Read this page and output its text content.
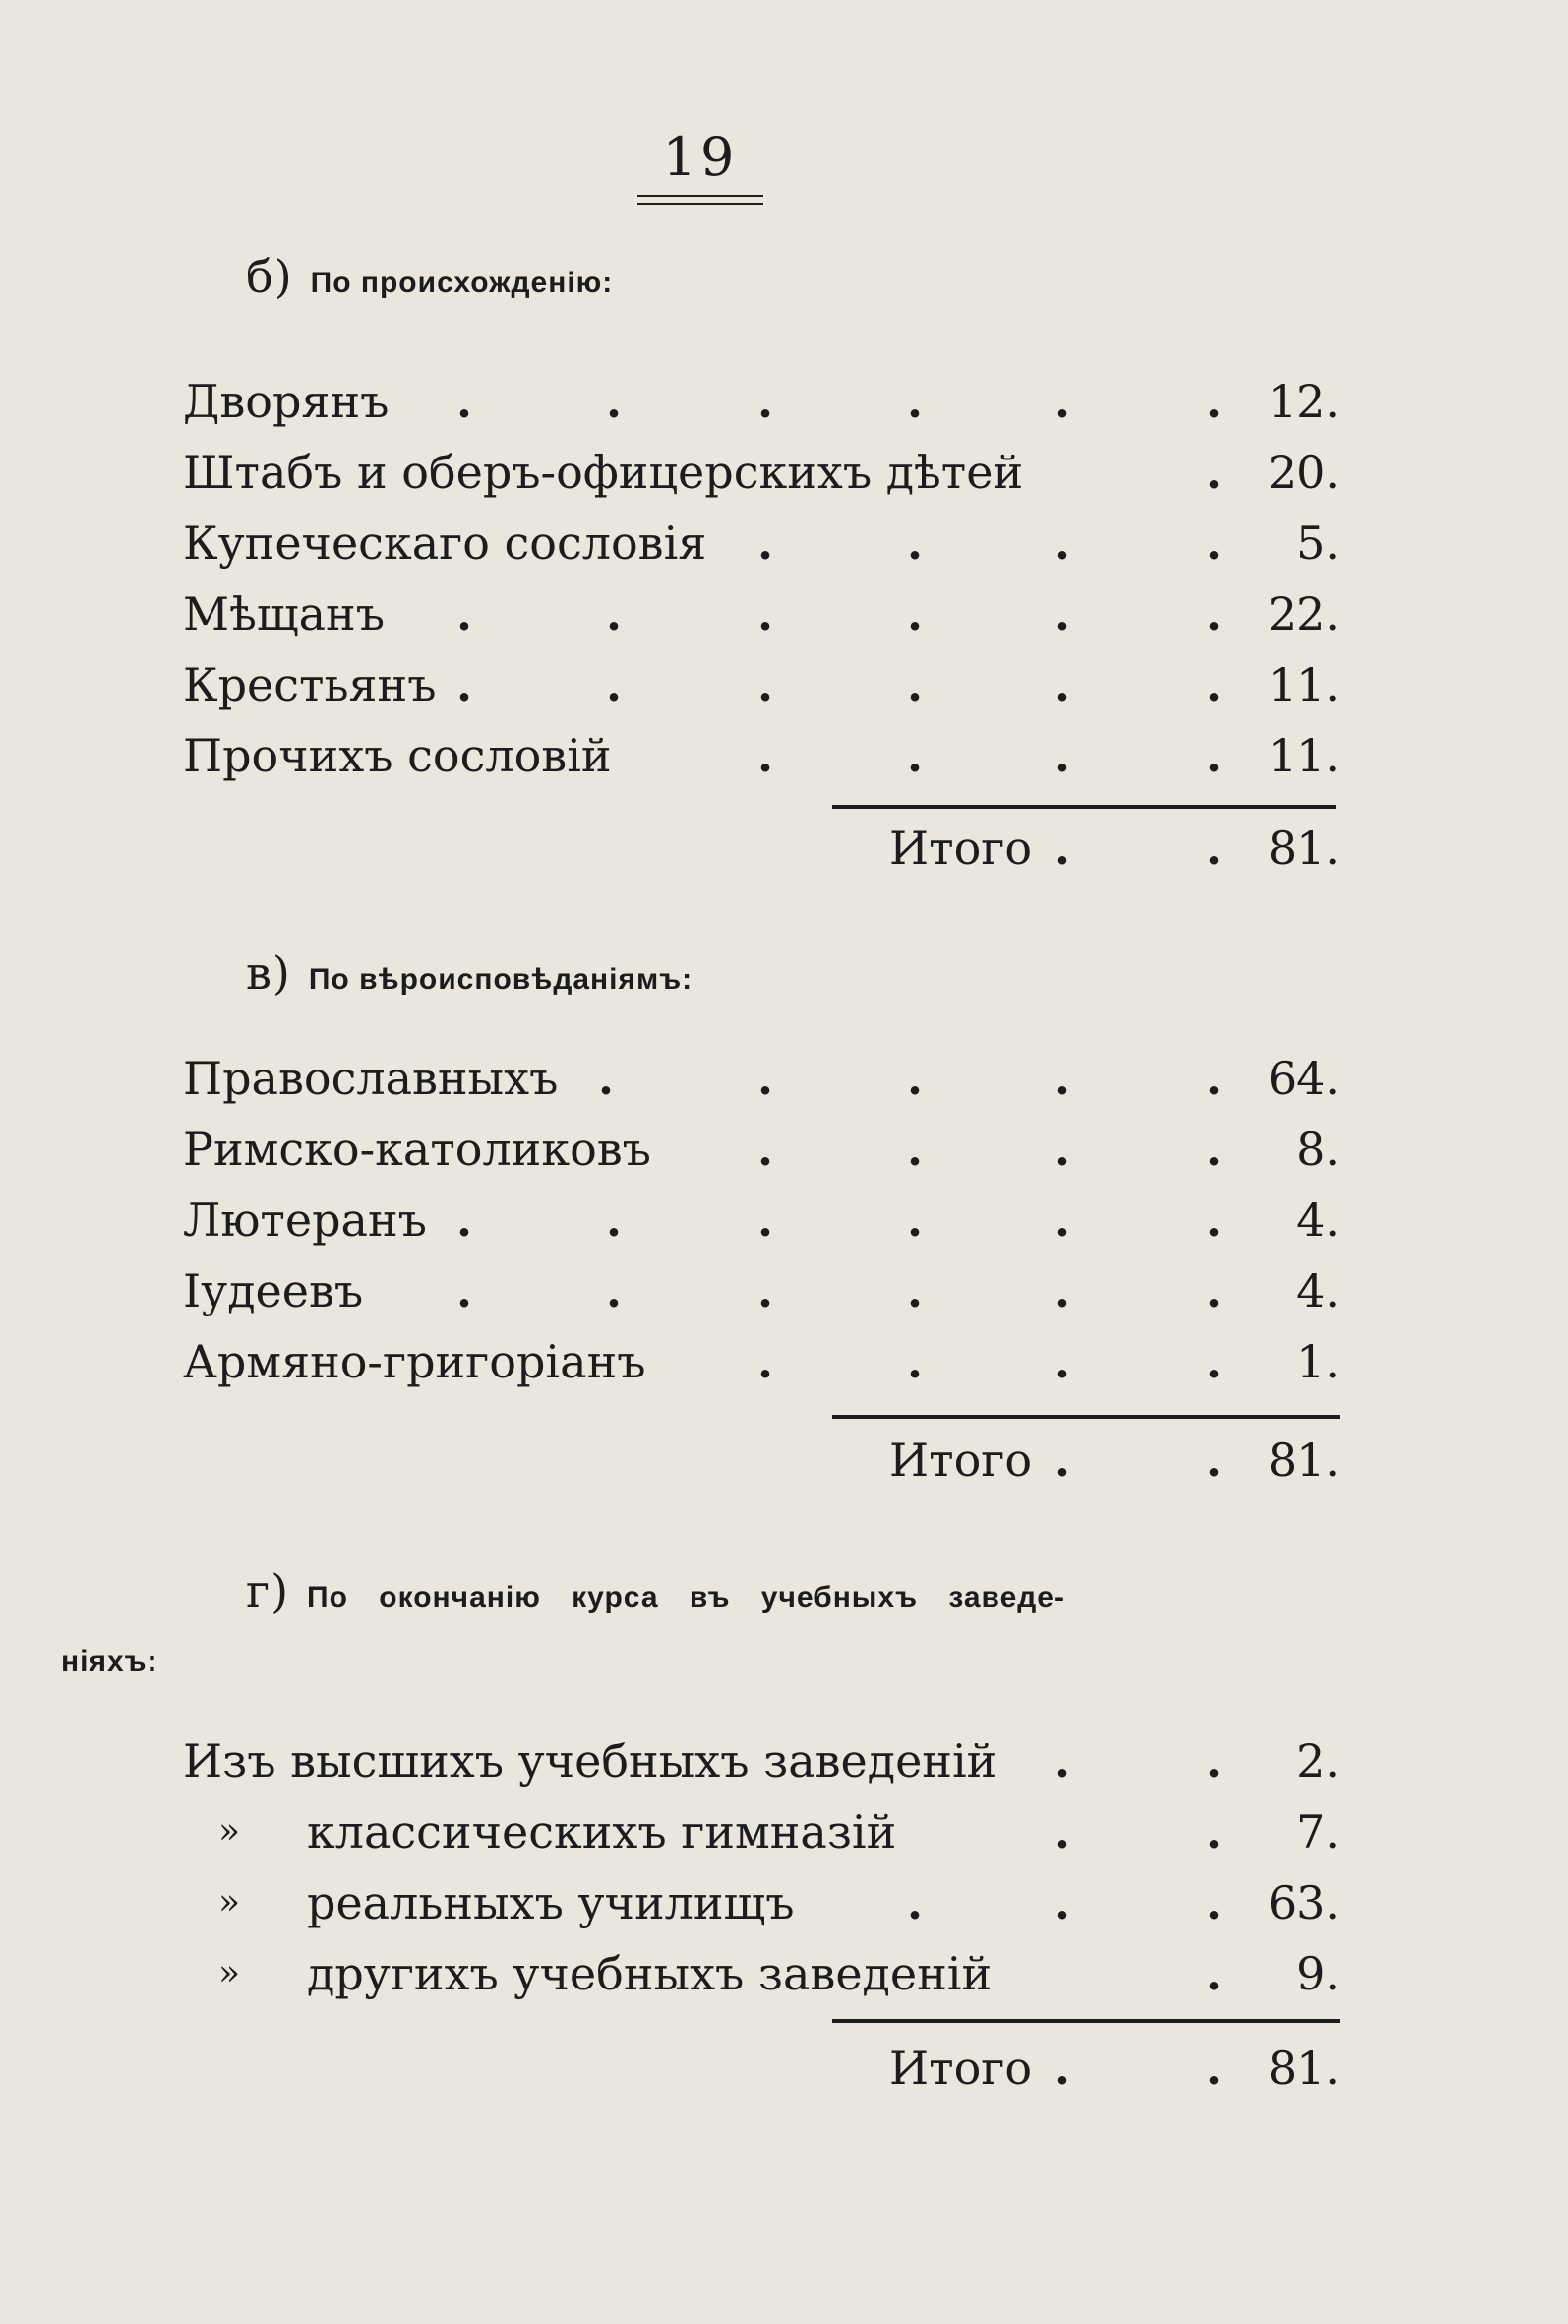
19
б) По происхожденію:
Дворянъ .	.	.	.	.	. 12.
Штабъ и оберъ-офицерскихъ дѣтей	. 20.
Купеческаго сословія .	.	.	. 5.
Мѣщанъ .	.	.	.	.	. 22.
Крестьянъ .	.	.	.	.	. 11.
Прочихъ сословій	.	.	.	. 11.
Итого .	. 81.
в) По вѣроисповѣданіямъ:
Православныхъ .	.	.	.	. 64.
Римско-католиковъ .	.	.	. 8.
Лютеранъ .	.	.	.	.	. 4.
Іудеевъ .	.	.	.	.	. 4.
Армяно-григоріанъ .	.	.	. 1.
Итого .	. 81.
г) По окончанію курса въ учебныхъ заведе-
ніяхъ:
Изъ высшихъ учебныхъ заведеній .	. 2.
» классическихъ гимназій	.	. 7.
» реальныхъ училищъ .	.	. 63.
» другихъ учебныхъ заведеній	. 9.
Итого .	. 81.
